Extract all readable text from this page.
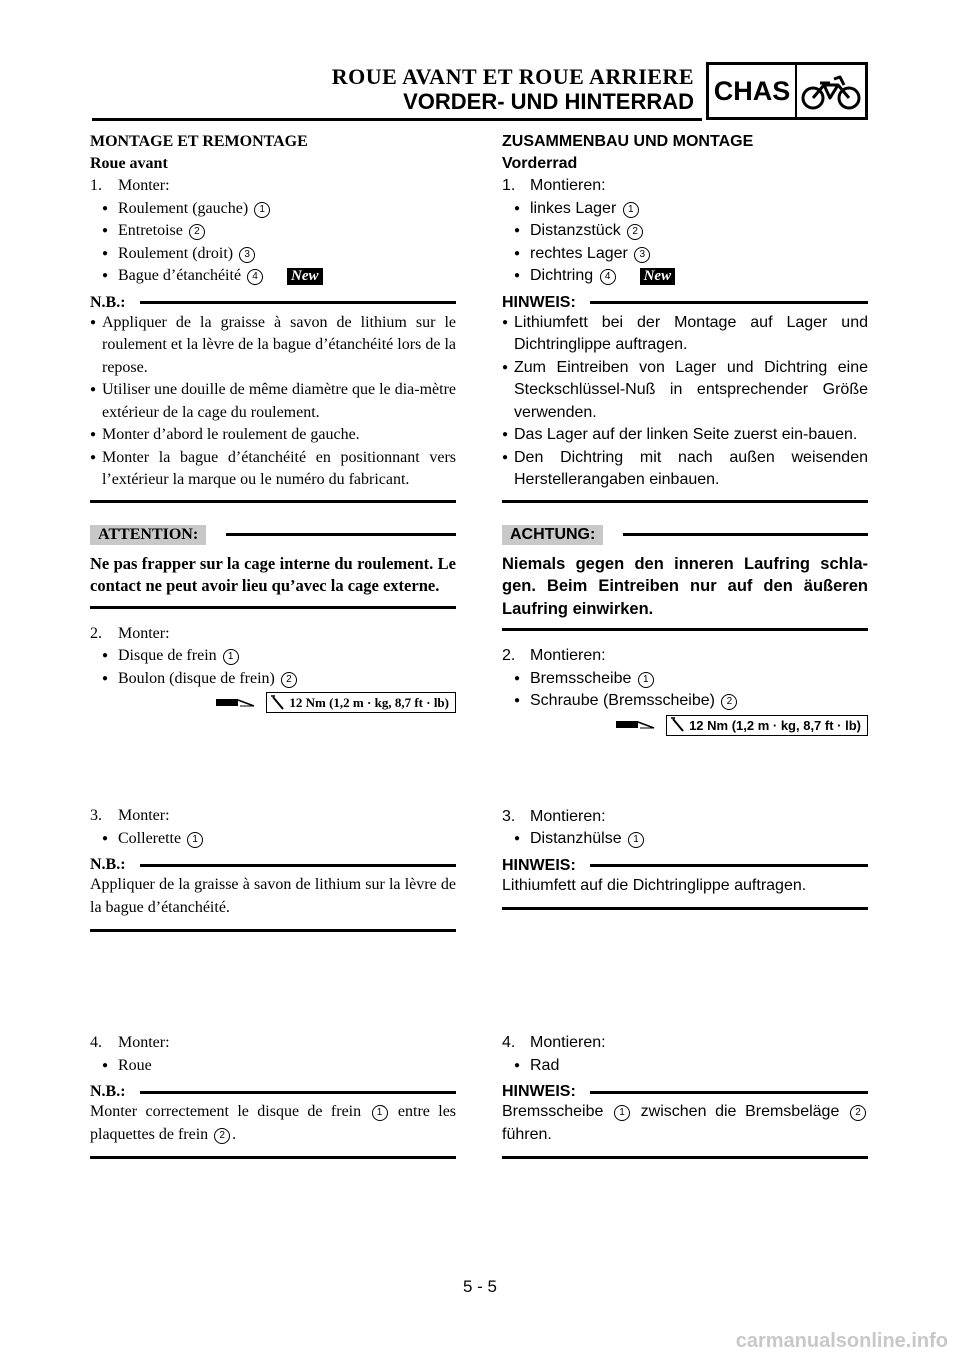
ROUE AVANT ET ROUE ARRIERE
VORDER- UND HINTERRAD CHAS
MONTAGE ET REMONTAGE
Roue avant
1. Monter:
● Roulement (gauche) 1
● Entretoise 2
● Roulement (droit) 3
● Bague d’étanchéité 4 New
N.B.:
● Appliquer de la graisse à savon de lithium sur le roulement et la lèvre de la bague d’étanchéité lors de la repose.
● Utiliser une douille de même diamètre que le dia-mètre extérieur de la cage du roulement.
● Monter d’abord le roulement de gauche.
● Monter la bague d’étanchéité en positionnant vers l’extérieur la marque ou le numéro du fabricant.
ATTENTION:
Ne pas frapper sur la cage interne du roulement. Le contact ne peut avoir lieu qu’avec la cage externe.
2. Monter:
● Disque de frein 1
● Boulon (disque de frein) 2
12 Nm (1,2 m · kg, 8,7 ft · lb)
3. Monter:
● Collerette 1
N.B.:
Appliquer de la graisse à savon de lithium sur la lèvre de la bague d’étanchéité.
4. Monter:
● Roue
N.B.:
Monter correctement le disque de frein 1 entre les plaquettes de frein 2 .
ZUSAMMENBAU UND MONTAGE
Vorderrad
1. Montieren:
● linkes Lager 1
● Distanzstück 2
● rechtes Lager 3
● Dichtring 4 New
HINWEIS:
● Lithiumfett bei der Montage auf Lager und Dichtringlippe auftragen.
● Zum Eintreiben von Lager und Dichtring eine Steckschlüssel-Nuß in entsprechender Größe verwenden.
● Das Lager auf der linken Seite zuerst ein-bauen.
● Den Dichtring mit nach außen weisenden Herstellerangaben einbauen.
ACHTUNG:
Niemals gegen den inneren Laufring schla-gen. Beim Eintreiben nur auf den äußeren Laufring einwirken.
2. Montieren:
● Bremsscheibe 1
● Schraube (Bremsscheibe) 2
12 Nm (1,2 m · kg, 8,7 ft · lb)
3. Montieren:
● Distanzhülse 1
HINWEIS:
Lithiumfett auf die Dichtringlippe auftragen.
4. Montieren:
● Rad
HINWEIS:
Bremsscheibe 1 zwischen die Bremsbeläge 2 führen.
5 - 5
carmanualsonline.info
